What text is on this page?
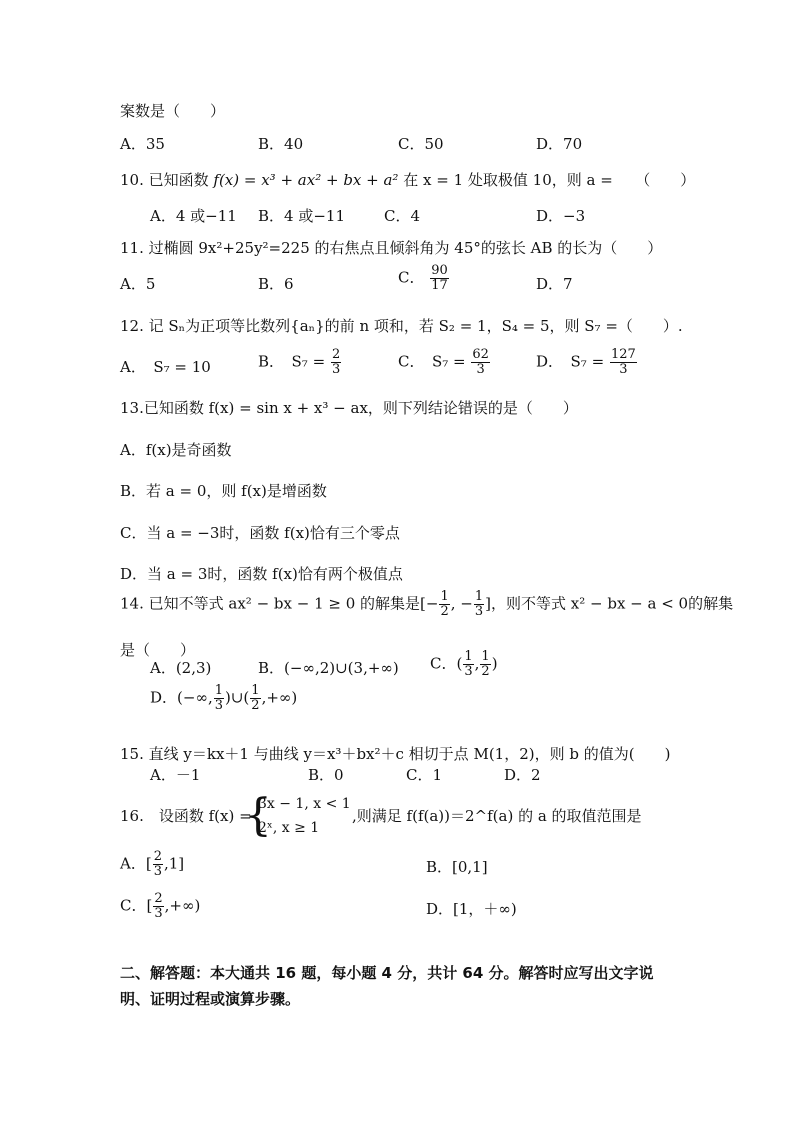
案数是（　　）
A．35	B．40	C．50	D．70
10. 已知函数 f(x) = x³ + ax² + bx + a² 在 x = 1 处取极值 10，则 a =　　（　　）
A．4 或−11 B．4 或−11	C．4	D．−3
11. 过椭圆 9x²+25y²=225 的右焦点且倾斜角为 45°的弦长 AB 的长为（　　）
A．5	B．6	C． $\frac{90}{17}$	D．7
12. 记 Sₙ为正项等比数列{aₙ}的前 n 项和，若 S₂ = 1，S₄ = 5，则 S₇ =（　　）.
A．　S₇ = 10	B．　$S_7 = \frac{2}{3}$	C．　$S_7 = \frac{62}{3}$	D．　$S_7 = \frac{127}{3}$
13.已知函数 f(x) = sin x + x³ − ax，则下列结论错误的是（　　）
A．f(x)是奇函数
B．若 a = 0，则 f(x)是增函数
C．当 a = −3时，函数 f(x)恰有三个零点
D．当 a = 3时，函数 f(x)恰有两个极值点
14. 已知不等式 ax² − bx − 1 ≥ 0 的解集是[− $\frac{1}{2}$ , − $\frac{1}{3}$ ]，则不等式 x² − bx − a < 0的解集
是（　　）
A．(2,3)	B．(−∞,2)∪(3,+∞) C．( $\frac{1}{3}$ , $\frac{1}{2}$ )
D．(−∞, $\frac{1}{3}$ )∪( $\frac{1}{2}$ ,+∞)
15. 直线 y＝kx＋1 与曲线 y＝x³＋bx²＋c 相切于点 M(1，2)，则 b 的值为(　　)
A．－1	B．0	C．1	D．2
16.　设函数 f(x) =
{
3x − 1, x < 1
2ˣ, x ≥ 1
,则满足 f(f(a))＝2^f(a) 的 a 的取值范围是
A．[ $\frac{2}{3} ,1$]	B．[0,1]
C．[ $\frac{2}{3}$ ,+∞)	D．[1，＋∞)
二、解答题：本大通共 16 题，每小题 4 分，共计 64 分。解答时应写出文字说明、证明过程或演算步骤。
